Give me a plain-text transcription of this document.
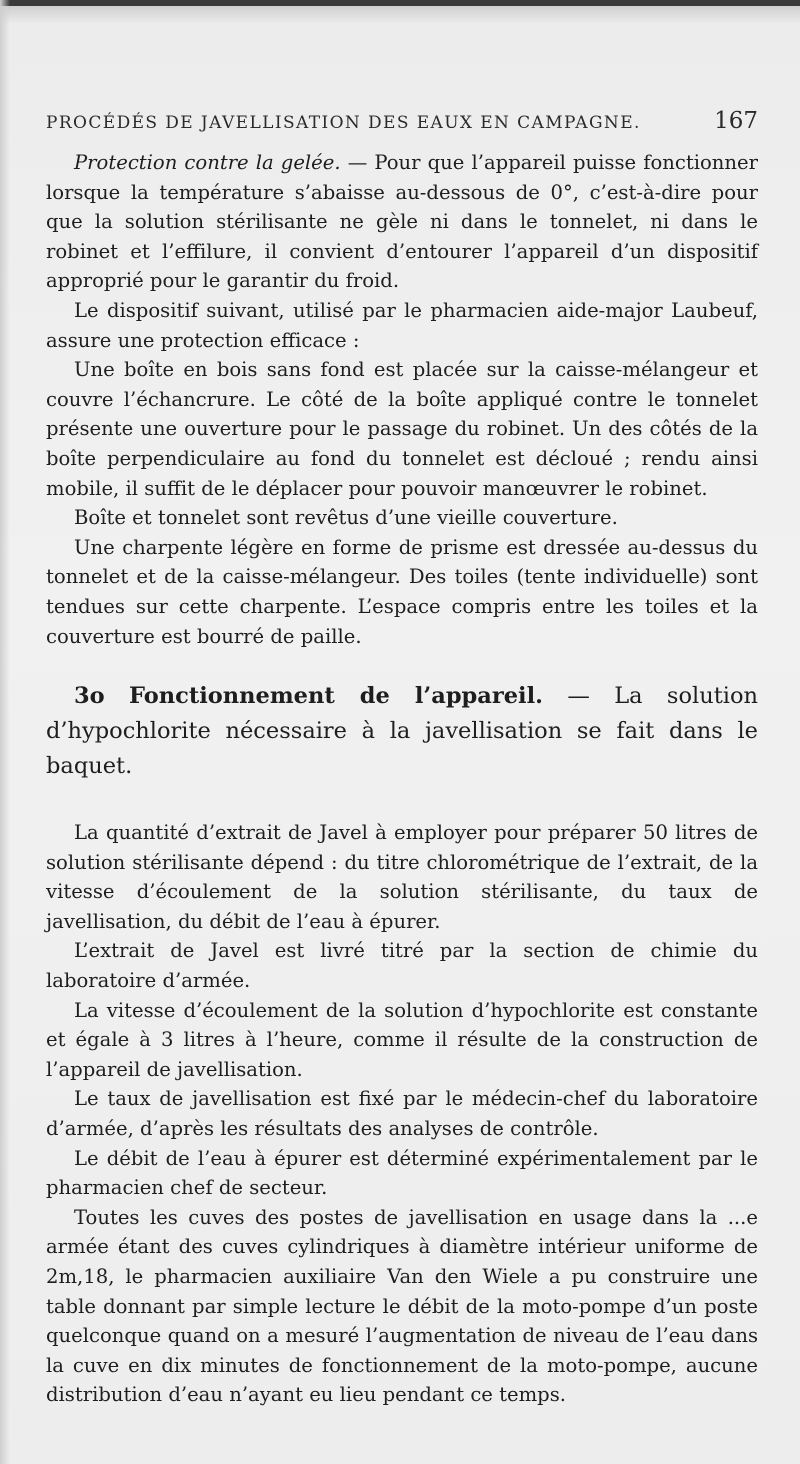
PROCÉDÉS DE JAVELLISATION DES EAUX EN CAMPAGNE.	167

Protection contre la gelée. — Pour que l’appareil puisse fonctionner lorsque la température s’abaisse au-dessous de 0°, c’est-à-dire pour que la solution stérilisante ne gèle ni dans le tonnelet, ni dans le robinet et l’effilure, il convient d’entourer l’appareil d’un dispositif approprié pour le garantir du froid.

Le dispositif suivant, utilisé par le pharmacien aide-major Laubeuf, assure une protection efficace :

Une boîte en bois sans fond est placée sur la caisse-mélangeur et couvre l’échancrure. Le côté de la boîte appliqué contre le tonnelet présente une ouverture pour le passage du robinet. Un des côtés de la boîte perpendiculaire au fond du tonnelet est décloué ; rendu ainsi mobile, il suffit de le déplacer pour pouvoir manœuvrer le robinet.

Boîte et tonnelet sont revêtus d’une vieille couverture.

Une charpente légère en forme de prisme est dressée au-dessus du tonnelet et de la caisse-mélangeur. Des toiles (tente individuelle) sont tendues sur cette charpente. L’espace compris entre les toiles et la couverture est bourré de paille.

3o Fonctionnement de l’appareil. — La solution d’hypochlorite nécessaire à la javellisation se fait dans le baquet.

La quantité d’extrait de Javel à employer pour préparer 50 litres de solution stérilisante dépend : du titre chlorométrique de l’extrait, de la vitesse d’écoulement de la solution stérilisante, du taux de javellisation, du débit de l’eau à épurer.

L’extrait de Javel est livré titré par la section de chimie du laboratoire d’armée.

La vitesse d’écoulement de la solution d’hypochlorite est constante et égale à 3 litres à l’heure, comme il résulte de la construction de l’appareil de javellisation.

Le taux de javellisation est fixé par le médecin-chef du laboratoire d’armée, d’après les résultats des analyses de contrôle.

Le débit de l’eau à épurer est déterminé expérimentalement par le pharmacien chef de secteur.

Toutes les cuves des postes de javellisation en usage dans la ...e armée étant des cuves cylindriques à diamètre intérieur uniforme de 2m,18, le pharmacien auxiliaire Van den Wiele a pu construire une table donnant par simple lecture le débit de la moto-pompe d’un poste quelconque quand on a mesuré l’augmentation de niveau de l’eau dans la cuve en dix minutes de fonctionnement de la moto-pompe, aucune distribution d’eau n’ayant eu lieu pendant ce temps.
